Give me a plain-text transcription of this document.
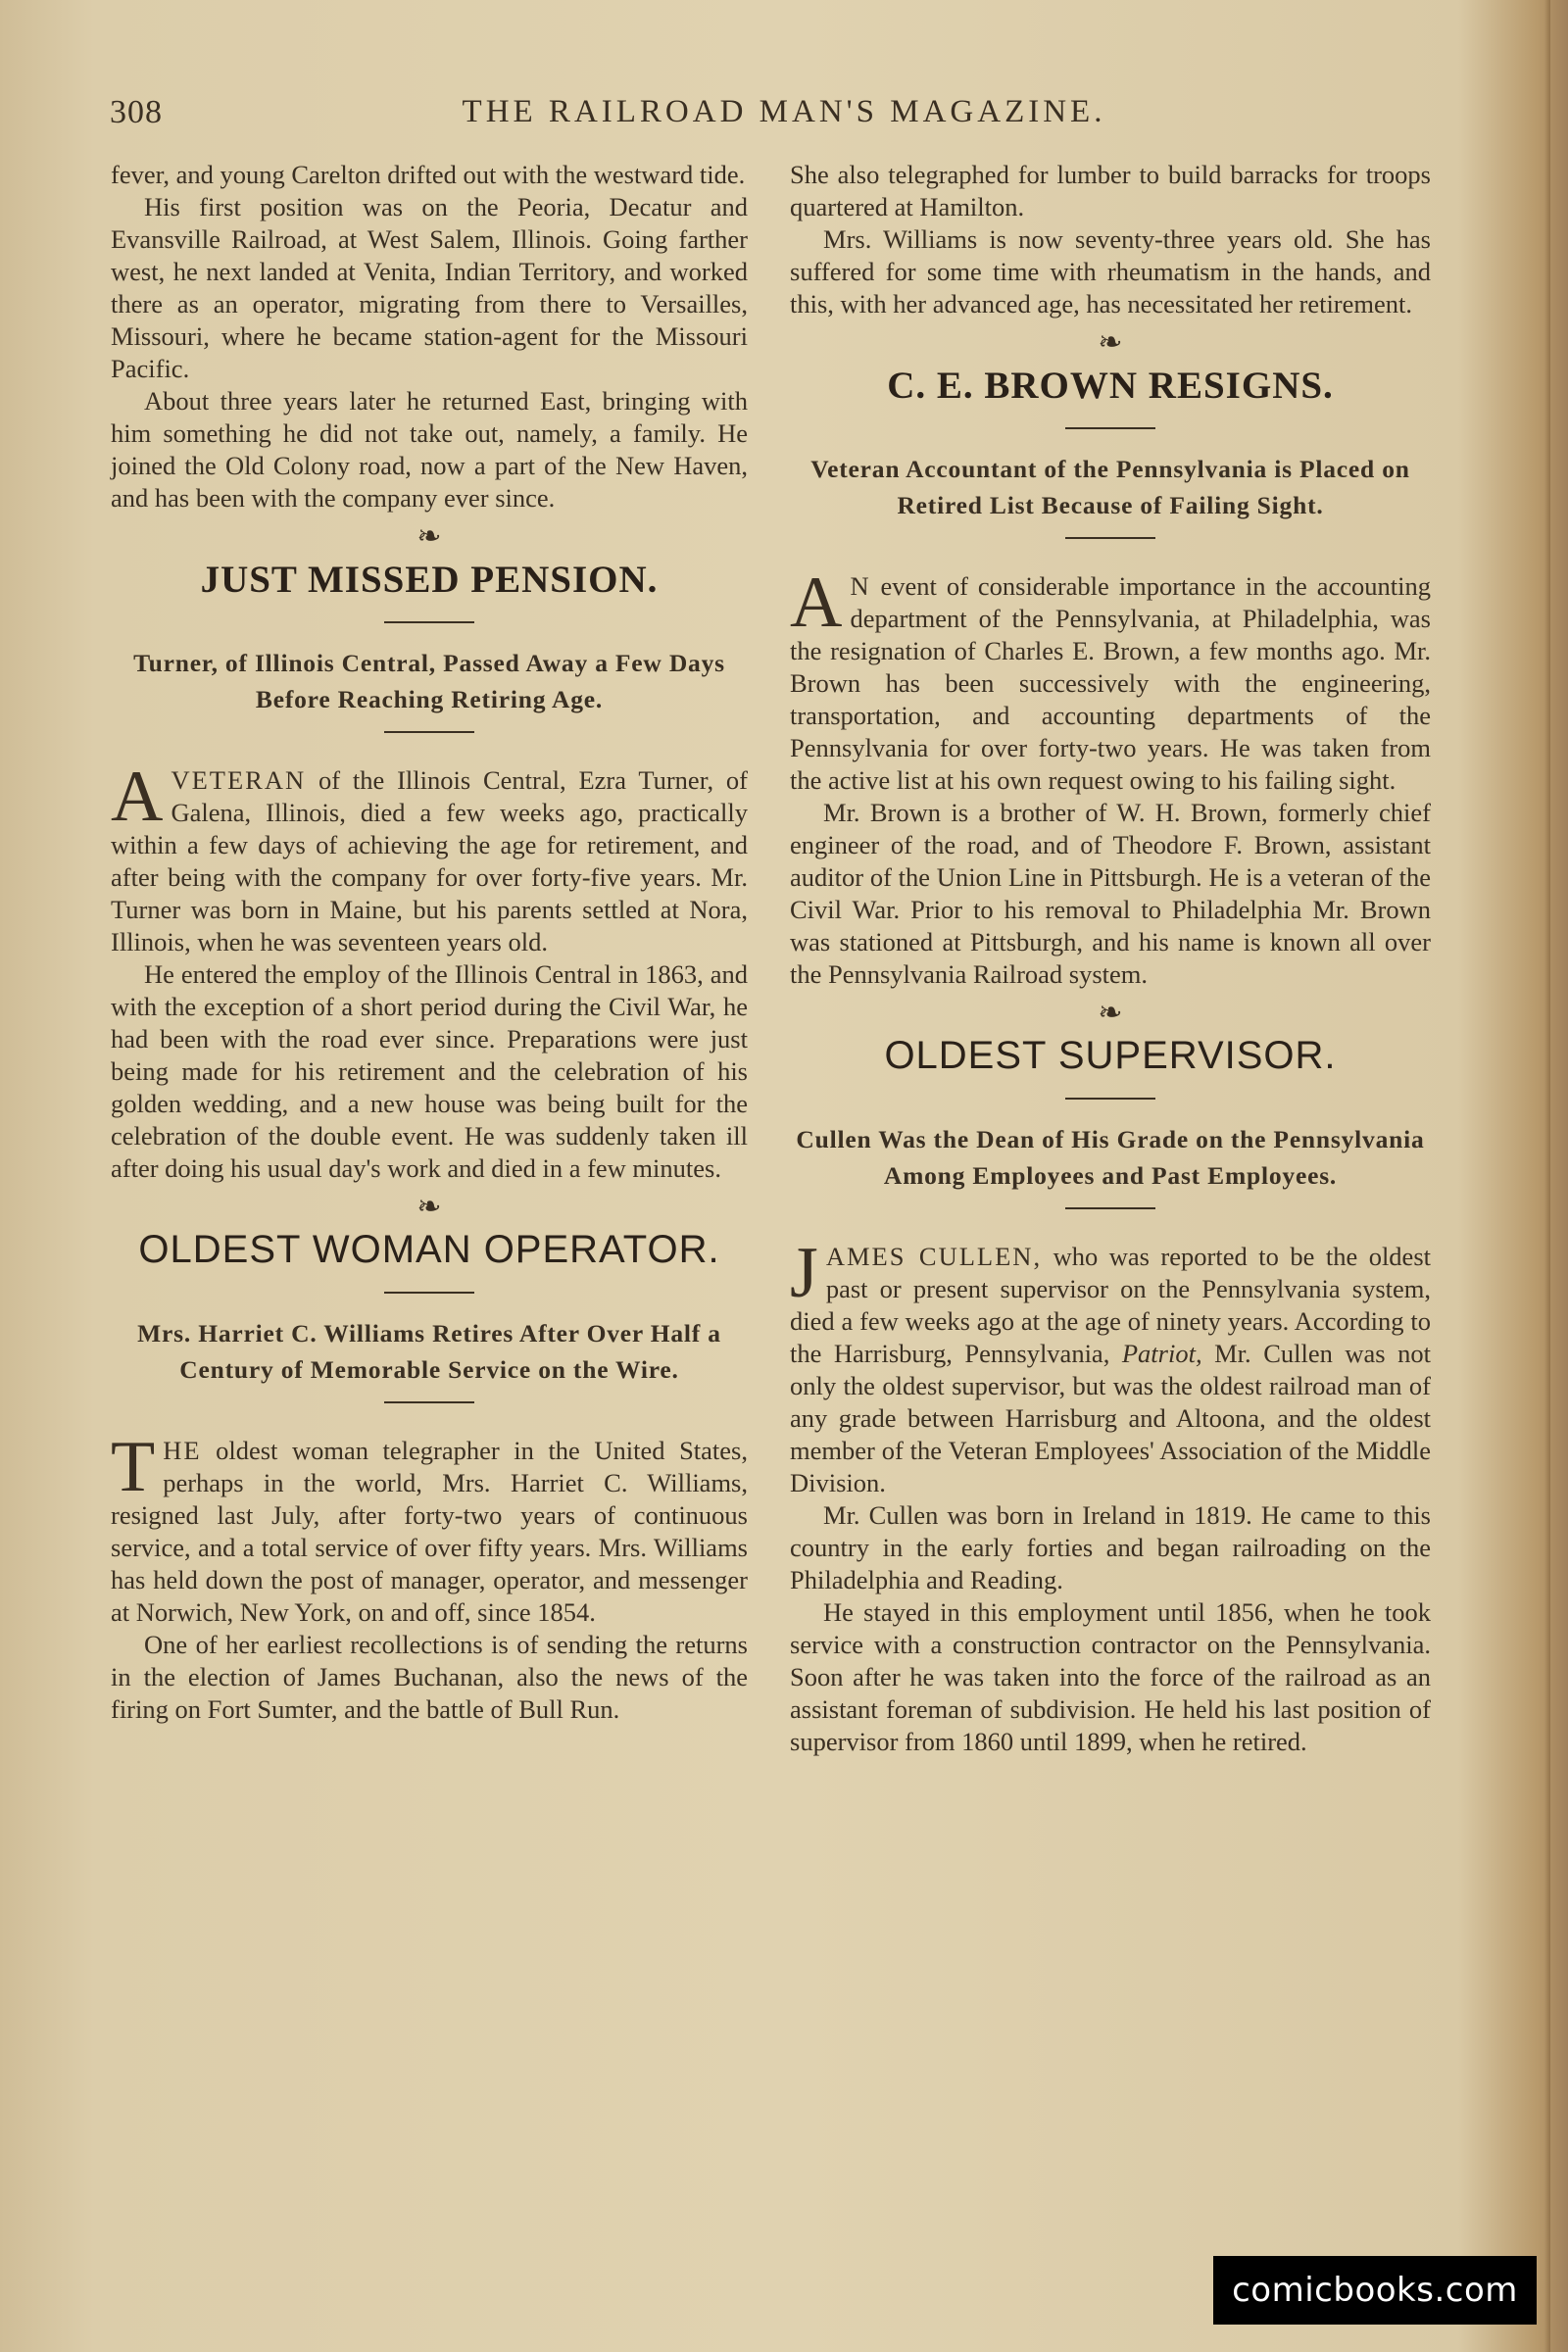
308	THE RAILROAD MAN'S MAGAZINE.

fever, and young Carelton drifted out with the westward tide.

His first position was on the Peoria, Decatur and Evansville Railroad, at West Salem, Illinois. Going farther west, he next landed at Venita, Indian Territory, and worked there as an operator, migrating from there to Versailles, Missouri, where he became station-agent for the Missouri Pacific.

About three years later he returned East, bringing with him something he did not take out, namely, a family. He joined the Old Colony road, now a part of the New Haven, and has been with the company ever since.

❧
JUST MISSED PENSION.
Turner, of Illinois Central, Passed Away a Few Days Before Reaching Retiring Age.

AVETERAN of the Illinois Central, Ezra Turner, of Galena, Illinois, died a few weeks ago, practically within a few days of achieving the age for retirement, and after being with the company for over forty-five years. Mr. Turner was born in Maine, but his parents settled at Nora, Illinois, when he was seventeen years old.

He entered the employ of the Illinois Central in 1863, and with the exception of a short period during the Civil War, he had been with the road ever since. Preparations were just being made for his retirement and the celebration of his golden wedding, and a new house was being built for the celebration of the double event. He was suddenly taken ill after doing his usual day's work and died in a few minutes.

❧
OLDEST WOMAN OPERATOR.
Mrs. Harriet C. Williams Retires After Over Half a Century of Memorable Service on the Wire.

THE oldest woman telegrapher in the United States, perhaps in the world, Mrs. Harriet C. Williams, resigned last July, after forty-two years of continuous service, and a total service of over fifty years. Mrs. Williams has held down the post of manager, operator, and messenger at Norwich, New York, on and off, since 1854.

One of her earliest recollections is of sending the returns in the election of James Buchanan, also the news of the firing on Fort Sumter, and the battle of Bull Run.

She also telegraphed for lumber to build barracks for troops quartered at Hamilton.

Mrs. Williams is now seventy-three years old. She has suffered for some time with rheumatism in the hands, and this, with her advanced age, has necessitated her retirement.

❧
C. E. BROWN RESIGNS.
Veteran Accountant of the Pennsylvania is Placed on Retired List Because of Failing Sight.

A N event of considerable importance in the accounting department of the Pennsylvania, at Philadelphia, was the resignation of Charles E. Brown, a few months ago. Mr. Brown has been successively with the engineering, transportation, and accounting departments of the Pennsylvania for over forty-two years. He was taken from the active list at his own request owing to his failing sight.

Mr. Brown is a brother of W. H. Brown, formerly chief engineer of the road, and of Theodore F. Brown, assistant auditor of the Union Line in Pittsburgh. He is a veteran of the Civil War. Prior to his removal to Philadelphia Mr. Brown was stationed at Pittsburgh, and his name is known all over the Pennsylvania Railroad system.

❧
OLDEST SUPERVISOR.
Cullen Was the Dean of His Grade on the Pennsylvania Among Employees and Past Employees.

JAMES CULLEN, who was reported to be the oldest past or present supervisor on the Pennsylvania system, died a few weeks ago at the age of ninety years. According to the Harrisburg, Pennsylvania, Patriot, Mr. Cullen was not only the oldest supervisor, but was the oldest railroad man of any grade between Harrisburg and Altoona, and the oldest member of the Veteran Employees' Association of the Middle Division.

Mr. Cullen was born in Ireland in 1819. He came to this country in the early forties and began railroading on the Philadelphia and Reading.

He stayed in this employment until 1856, when he took service with a construction contractor on the Pennsylvania. Soon after he was taken into the force of the railroad as an assistant foreman of subdivision. He held his last position of supervisor from 1860 until 1899, when he retired.

comicbooks.com
